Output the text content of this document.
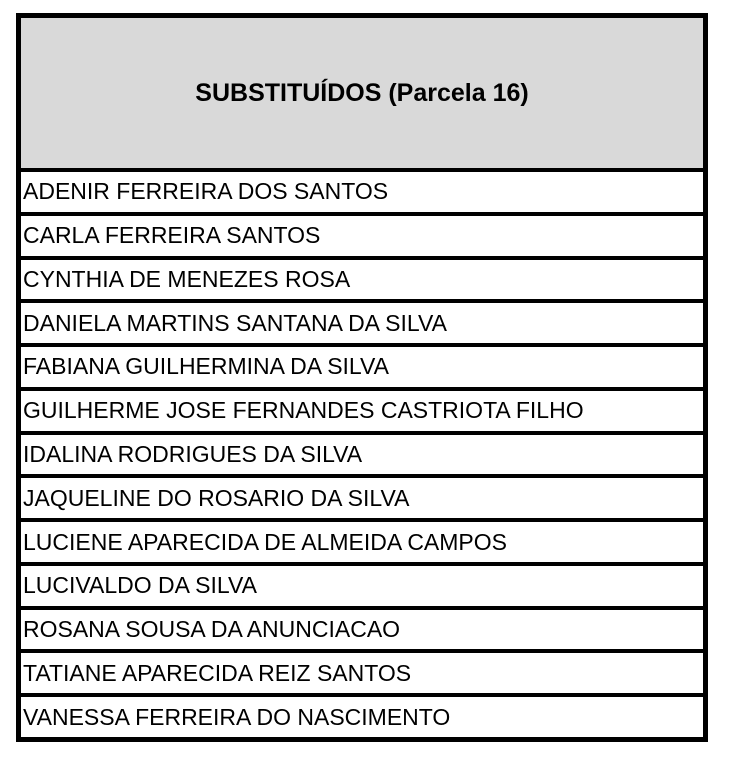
SUBSTITUÍDOS (Parcela 16)
ADENIR FERREIRA DOS SANTOS
CARLA FERREIRA SANTOS
CYNTHIA DE MENEZES ROSA
DANIELA MARTINS SANTANA DA SILVA
FABIANA GUILHERMINA DA SILVA
GUILHERME JOSE FERNANDES CASTRIOTA FILHO
IDALINA RODRIGUES DA SILVA
JAQUELINE DO ROSARIO DA SILVA
LUCIENE APARECIDA DE ALMEIDA CAMPOS
LUCIVALDO DA SILVA
ROSANA SOUSA DA ANUNCIACAO
TATIANE APARECIDA REIZ SANTOS
VANESSA FERREIRA DO NASCIMENTO
